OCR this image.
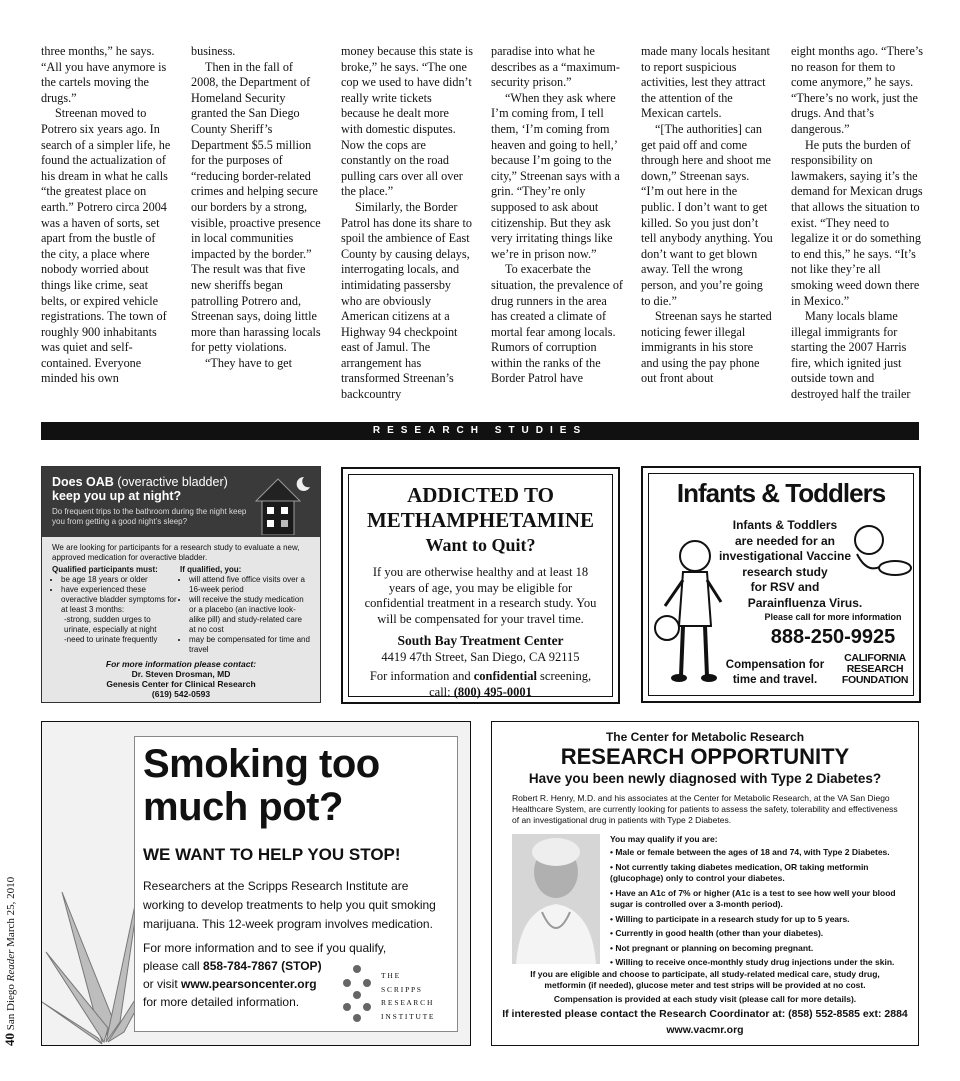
three months,” he says. “All you have anymore is the cartels moving the drugs.”

Streenan moved to Potrero six years ago. In search of a simpler life, he found the actualization of his dream in what he calls “the greatest place on earth.” Potrero circa 2004 was a haven of sorts, set apart from the bustle of the city, a place where nobody worried about things like crime, seat belts, or expired vehicle registrations. The town of roughly 900 inhabitants was quiet and self-contained. Everyone minded his own

business.

Then in the fall of 2008, the Department of Homeland Security granted the San Diego County Sheriff’s Department $5.5 million for the purposes of “reducing border-related crimes and helping secure our borders by a strong, visible, proactive presence in local communities impacted by the border.” The result was that five new sheriffs began patrolling Potrero and, Streenan says, doing little more than harassing locals for petty violations.

“They have to get

money because this state is broke,” he says. “The one cop we used to have didn’t really write tickets because he dealt more with domestic disputes. Now the cops are constantly on the road pulling cars over all over the place.”

Similarly, the Border Patrol has done its share to spoil the ambience of East County by causing delays, interrogating locals, and intimidating passersby who are obviously American citizens at a Highway 94 checkpoint east of Jamul. The arrangement has transformed Streenan’s backcountry

paradise into what he describes as a “maximum-security prison.”

“When they ask where I’m coming from, I tell them, ‘I’m coming from heaven and going to hell,’ because I’m going to the city,” Streenan says with a grin. “They’re only supposed to ask about citizenship. But they ask very irritating things like we’re in prison now.”

To exacerbate the situation, the prevalence of drug runners in the area has created a climate of mortal fear among locals. Rumors of corruption within the ranks of the Border Patrol have

made many locals hesitant to report suspicious activities, lest they attract the attention of the Mexican cartels.

“[The authorities] can get paid off and come through here and shoot me down,” Streenan says. “I’m out here in the public. I don’t want to get killed. So you just don’t tell anybody anything. You don’t want to get blown away. Tell the wrong person, and you’re going to die.”

Streenan says he started noticing fewer illegal immigrants in his store and using the pay phone out front about

eight months ago. “There’s no reason for them to come anymore,” he says. “There’s no work, just the drugs. And that’s dangerous.”

He puts the burden of responsibility on lawmakers, saying it’s the demand for Mexican drugs that allows the situation to exist. “They need to legalize it or do something to end this,” he says. “It’s not like they’re all smoking weed down there in Mexico.”

Many locals blame illegal immigrants for starting the 2007 Harris fire, which ignited just outside town and destroyed half the trailer

RESEARCH STUDIES
Does OAB (overactive bladder)
keep you up at night?
Do frequent trips to the bathroom during the night keep you from getting a good night’s sleep?
We are looking for participants for a research study to evaluate a new, approved medication for overactive bladder.
Qualified participants must:
• be age 18 years or older
• have experienced these overactive bladder symptoms for at least 3 months:
-strong, sudden urges to urinate, especially at night
-need to urinate frequently
If qualified, you:
• will attend five office visits over a 16-week period
• will receive the study medication or a placebo (an inactive look-alike pill) and study-related care at no cost
• may be compensated for time and travel
For more information please contact:
Dr. Steven Drosman, MD
Genesis Center for Clinical Research
(619) 542-0593
ADDICTED TO
METHAMPHETAMINE
Want to Quit?
If you are otherwise healthy and at least 18 years of age, you may be eligible for confidential treatment in a research study. You will be compensated for your travel time.
South Bay Treatment Center
4419 47th Street, San Diego, CA 92115
For information and confidential screening,
call: (800) 495-0001
Infants & Toddlers
Infants & Toddlers
are needed for an
investigational Vaccine
research study
for RSV and
Parainfluenza Virus.
Please call for more information
888-250-9925
Compensation for
time and travel.
CALIFORNIA
RESEARCH
FOUNDATION
Smoking too
much pot?
WE WANT TO HELP YOU STOP!
Researchers at the Scripps Research Institute are working to develop treatments to help you quit smoking marijuana. This 12-week program involves medication.
For more information and to see if you qualify,
please call 858-784-7867 (STOP)
or visit www.pearsoncenter.org
for more detailed information.
T H E
S C R I P P S
R E S E A R C H
I N S T I T U T E
The Center for Metabolic Research
RESEARCH OPPORTUNITY
Have you been newly diagnosed with Type 2 Diabetes?
Robert R. Henry, M.D. and his associates at the Center for Metabolic Research, at the VA San Diego Healthcare System, are currently looking for patients to assess the safety, tolerability and effectiveness of an investigational drug in patients with Type 2 Diabetes.
You may qualify if you are:
• Male or female between the ages of 18 and 74, with Type 2 Diabetes.
• Not currently taking diabetes medication, OR taking metformin (glucophage) only to control your diabetes.
• Have an A1c of 7% or higher (A1c is a test to see how well your blood sugar is controlled over a 3-month period).
• Willing to participate in a research study for up to 5 years.
• Currently in good health (other than your diabetes).
• Not pregnant or planning on becoming pregnant.
• Willing to receive once-monthly study drug injections under the skin.
If you are eligible and choose to participate, all study-related medical care, study drug, metformin (if needed), glucose meter and test strips will be provided at no cost.
Compensation is provided at each study visit (please call for more details).
If interested please contact the Research Coordinator at: (858) 552-8585 ext: 2884
www.vacmr.org
40 San Diego Reader March 25, 2010
